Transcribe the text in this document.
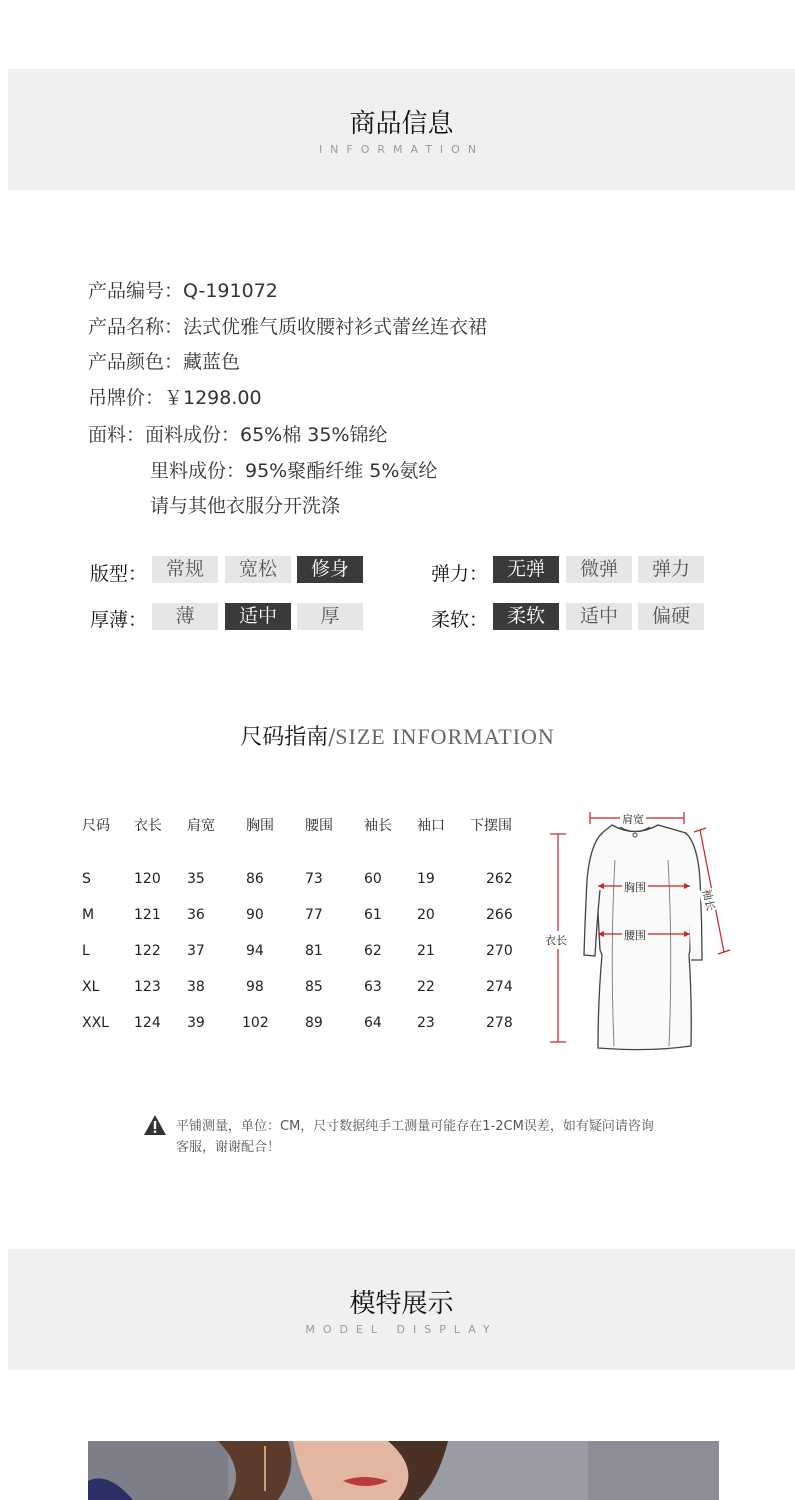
商品信息
INFORMATION
产品编号：Q-191072
产品名称：法式优雅气质收腰衬衫式蕾丝连衣裙
产品颜色：藏蓝色
吊牌价：￥1298.00
面料：面料成份：65%棉 35%锦纶
里料成份：95%聚酯纤维 5%氨纶
请与其他衣服分开洗涤
版型： 常规	宽松	修身	弹力： 无弹	微弹	弹力
厚薄：	薄	适中	厚	柔软： 柔软	适中	偏硬
尺码指南/SIZE INFORMATION
尺码 衣长 肩宽 胸围 腰围 袖长 袖口 下摆围
S	120 35	86	73	60	19	262
M	121 36	90	77	61	20	266
L	122 37	94	81	62	21	270
XL 123 38	98	85	63	22	274
XXL 124 39	102	89	64	23	278
肩宽
胸围
腰围
衣长
袖长
平铺测量，单位：CM，尺寸数据纯手工测量可能存在1-2CM误差，如有疑问请咨询
客服，谢谢配合！
模特展示
MODEL DISPLAY
